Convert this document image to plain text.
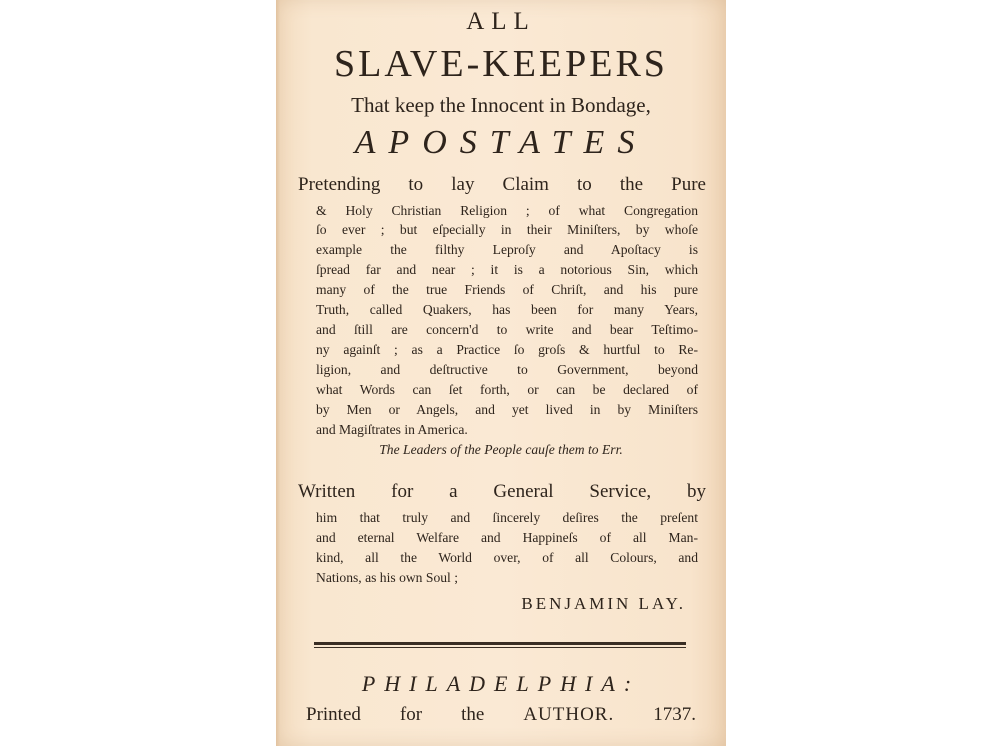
ALL
SLAVE-KEEPERS
That keep the Innocent in Bondage,
APOSTATES
Pretending to lay Claim to the Pure
& Holy Christian Religion ; of what Congregation
ſo ever ; but eſpecially in their Miniſters, by whoſe
example the filthy Leproſy and Apoſtacy is
ſpread far and near ; it is a notorious Sin, which
many of the true Friends of Chriſt, and his pure
Truth, called Quakers, has been for many Years,
and ſtill are concern'd to write and bear Teſtimo-
ny againſt ; as a Practice ſo groſs & hurtful to Re-
ligion, and deſtructive to Government, beyond
what Words can ſet forth, or can be declared of
by Men or Angels, and yet lived in by Miniſters
and Magiſtrates in America.
The Leaders of the People cauſe them to Err.
Written for a General Service, by
him that truly and ſincerely deſires the preſent
and eternal Welfare and Happineſs of all Man-
kind, all the World over, of all Colours, and
Nations, as his own Soul ;
BENJAMIN LAY.
PHILADELPHIA:
Printed for the AUTHOR. 1737.
